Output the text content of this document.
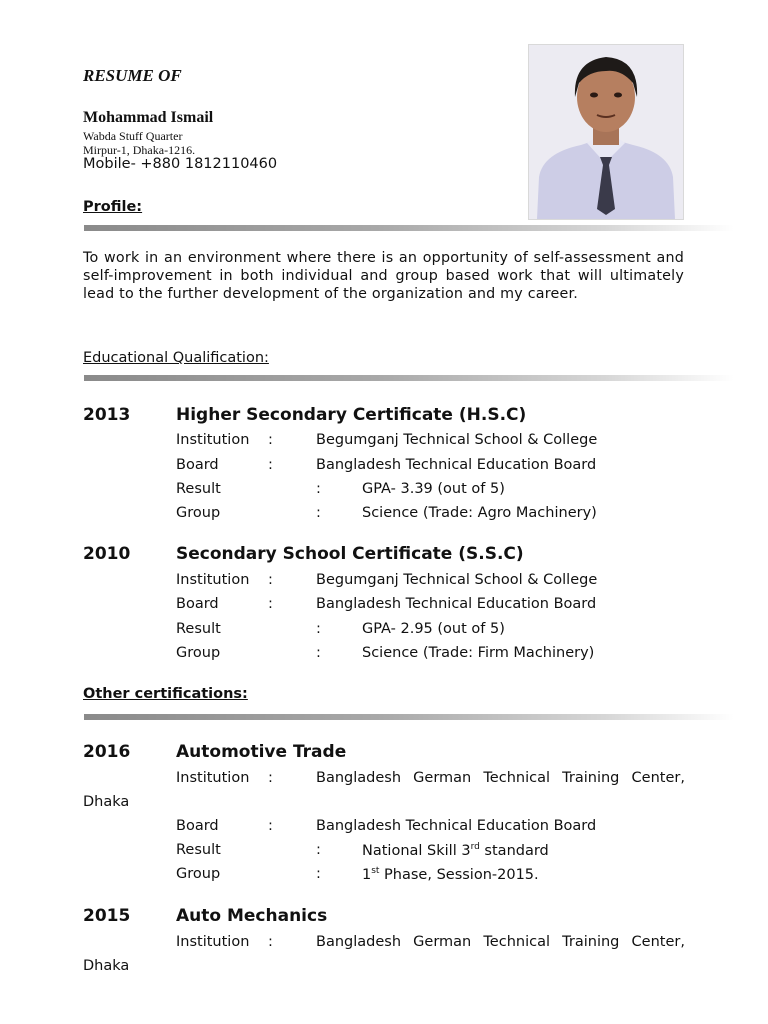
RESUME OF
Mohammad Ismail
Wabda Stuff Quarter
Mirpur-1, Dhaka-1216.
Mobile- +880 1812110460
Profile:
To work in an environment where there is an opportunity of self-assessment and self-improvement in both individual and group based work that will ultimately lead to the further development of the organization and my career.
Educational Qualification:
2013	Higher Secondary Certificate (H.S.C)
Institution :	Begumganj Technical School & College
Board	:	Bangladesh Technical Education Board
Result	:	GPA- 3.39 (out of 5)
Group	:	Science (Trade: Agro Machinery)
2010	Secondary School Certificate (S.S.C)
Institution :	Begumganj Technical School & College
Board	:	Bangladesh Technical Education Board
Result	:	GPA- 2.95 (out of 5)
Group	:	Science (Trade: Firm Machinery)
Other certifications:
2016	Automotive Trade
Institution :	Bangladesh German Technical Training Center,
Dhaka
Board	:	Bangladesh Technical Education Board
Result	:	National Skill 3rd standard
Group	:	1st Phase, Session-2015.
2015	Auto Mechanics
Institution :	Bangladesh German Technical Training Center,
Dhaka
